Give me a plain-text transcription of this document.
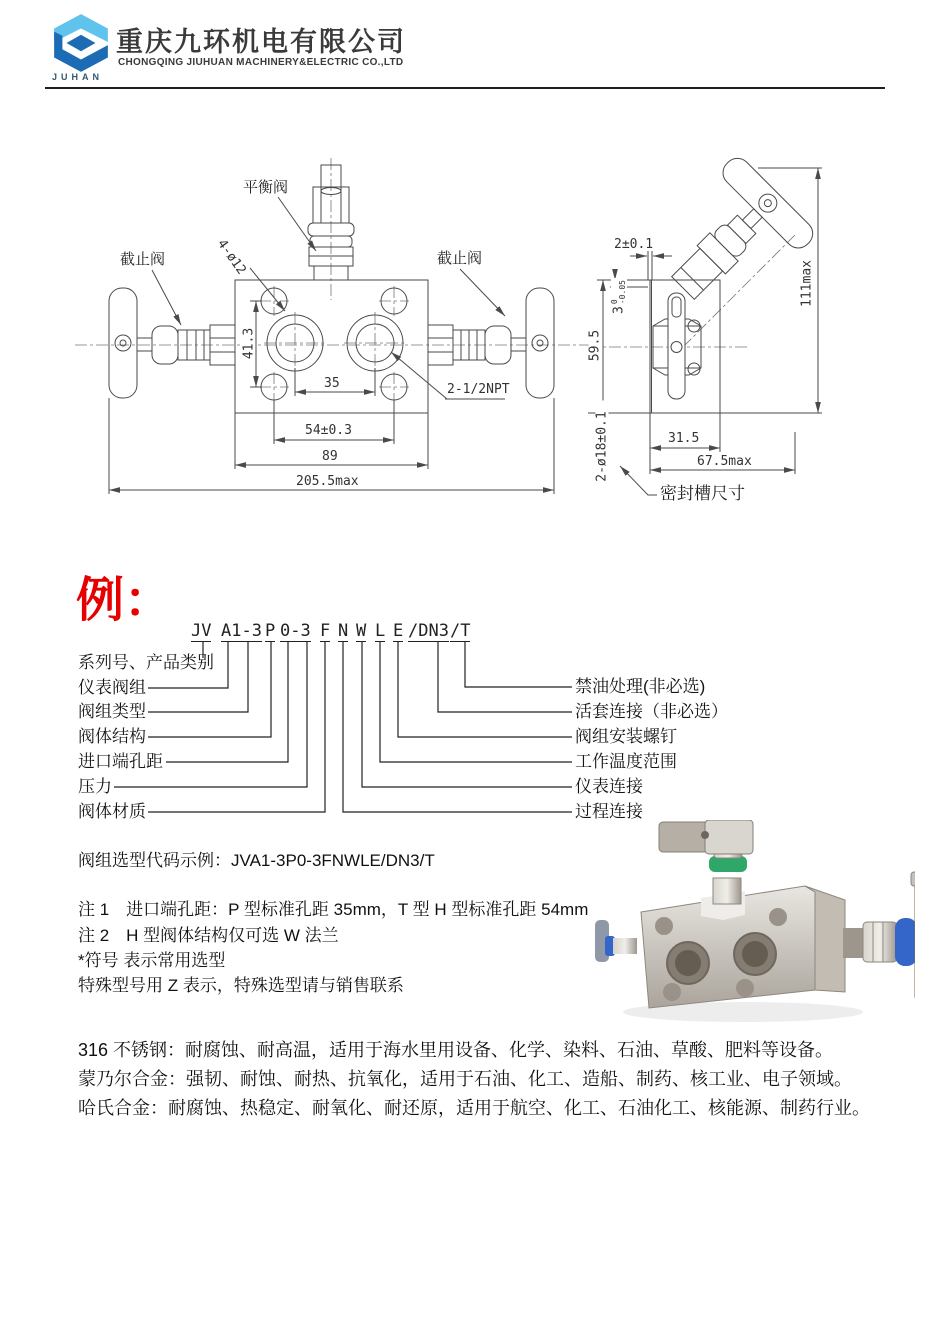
JUHAN
重庆九环机电有限公司
CHONGQING JIUHUAN MACHINERY&ELECTRIC CO.,LTD
平衡阀
截止阀	截止阀
4-ø12
41.3
35
54±0.3
89
205.5max
2-1/2NPT
2±0.1
3
0 -0.05
59.5
111max
31.5
67.5max
2-ø18±0.1
密封槽尺寸
例：
JV A1-3 P 0-3 F N W L E /DN3 /T
系列号、产品类别
仪表阀组
阀组类型
阀体结构
进口端孔距
压力
阀体材质
禁油处理(非必选)
活套连接（非必选）
阀组安装螺钉
工作温度范围
仪表连接
过程连接
阀组选型代码示例：JVA1-3P0-3FNWLE/DN3/T
注 1　进口端孔距：P 型标准孔距 35mm，T 型 H 型标准孔距 54mm
注 2　H 型阀体结构仅可选 W 法兰
*符号 表示常用选型
特殊型号用 Z 表示，特殊选型请与销售联系

316 不锈钢：耐腐蚀、耐高温，适用于海水里用设备、化学、染料、石油、草酸、肥料等设备。

蒙乃尔合金：强韧、耐蚀、耐热、抗氧化，适用于石油、化工、造船、制药、核工业、电子领域。

哈氏合金：耐腐蚀、热稳定、耐氧化、耐还原，适用于航空、化工、石油化工、核能源、制药行业。
